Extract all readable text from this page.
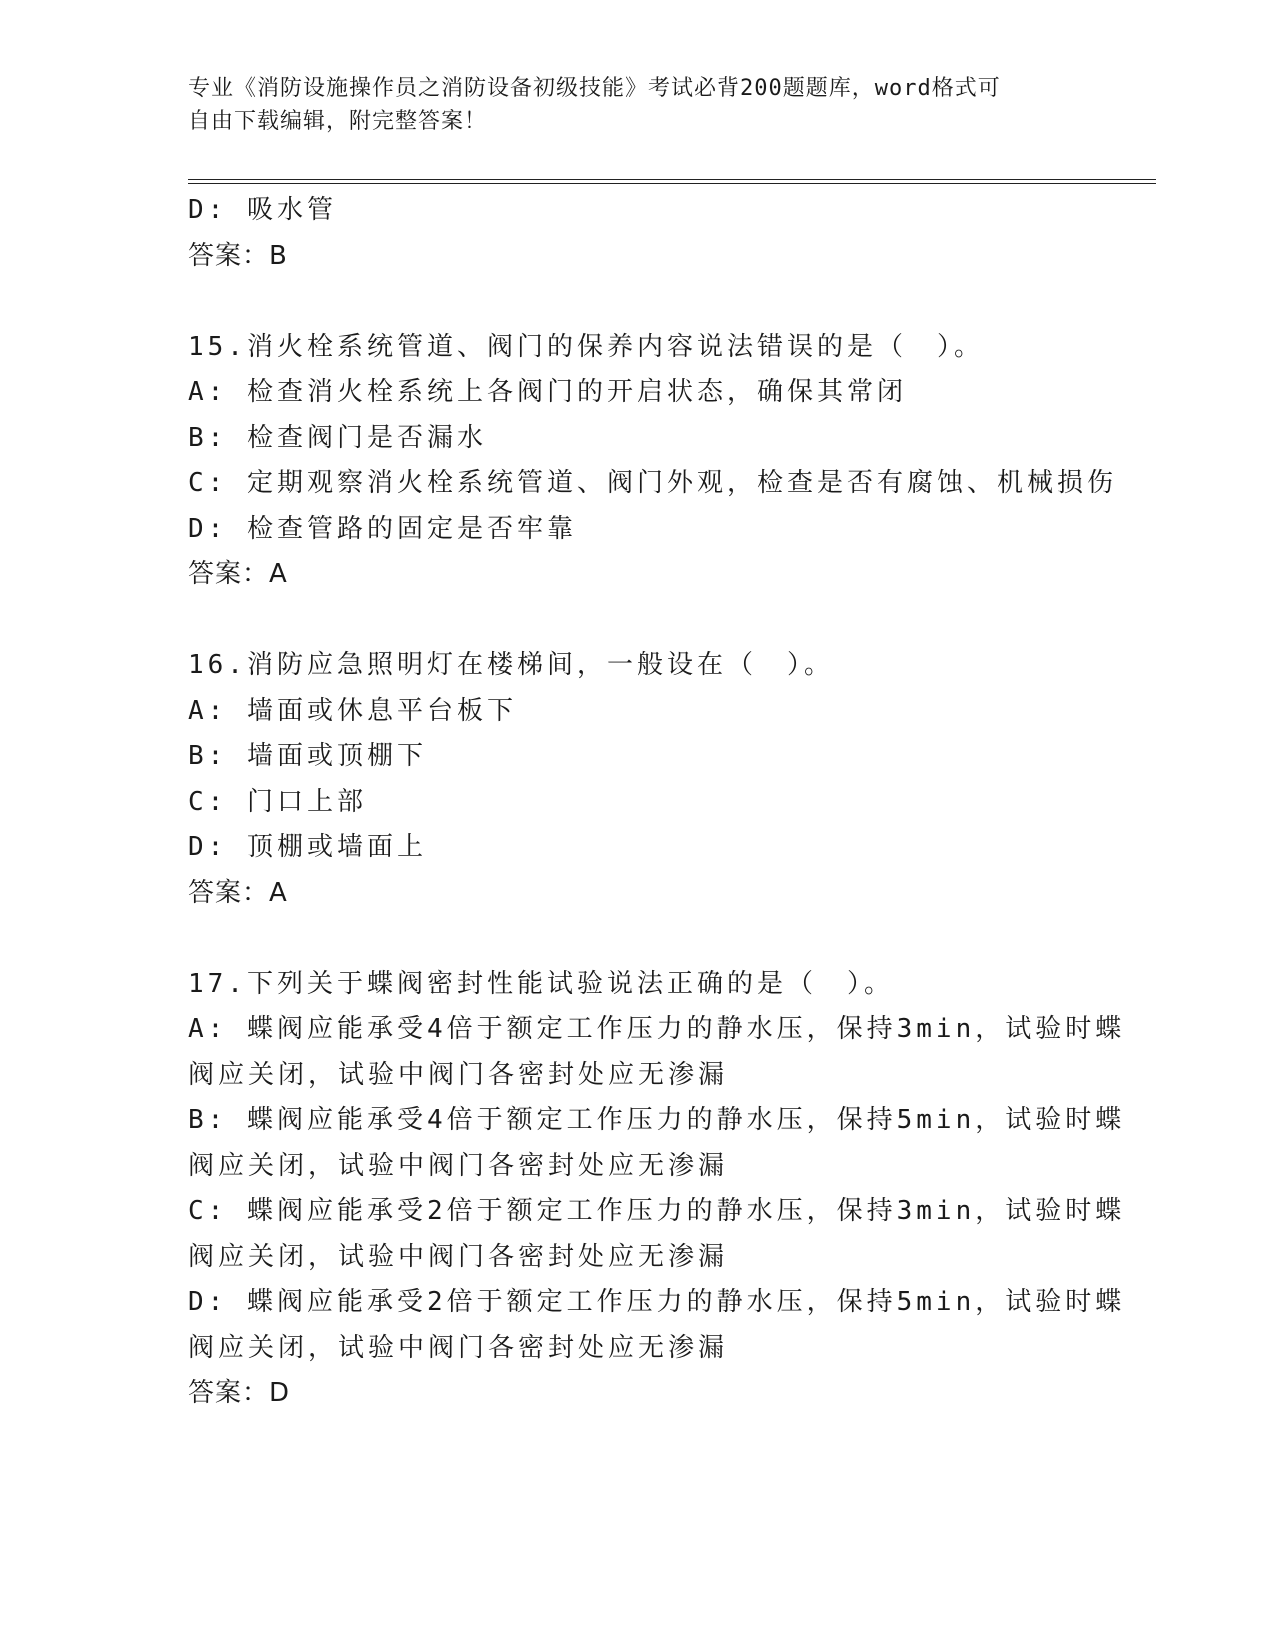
专业《消防设施操作员之消防设备初级技能》考试必背200题题库，word格式可
自由下载编辑，附完整答案！
D: 吸水管
答案：B
15.消火栓系统管道、阀门的保养内容说法错误的是（　）。
A: 检查消火栓系统上各阀门的开启状态，确保其常闭
B: 检查阀门是否漏水
C: 定期观察消火栓系统管道、阀门外观，检查是否有腐蚀、机械损伤
D: 检查管路的固定是否牢靠
答案：A
16.消防应急照明灯在楼梯间，一般设在（　）。
A: 墙面或休息平台板下
B: 墙面或顶棚下
C: 门口上部
D: 顶棚或墙面上
答案：A
17.下列关于蝶阀密封性能试验说法正确的是（　）。
A: 蝶阀应能承受4倍于额定工作压力的静水压，保持3min，试验时蝶
阀应关闭，试验中阀门各密封处应无渗漏
B: 蝶阀应能承受4倍于额定工作压力的静水压，保持5min，试验时蝶
阀应关闭，试验中阀门各密封处应无渗漏
C: 蝶阀应能承受2倍于额定工作压力的静水压，保持3min，试验时蝶
阀应关闭，试验中阀门各密封处应无渗漏
D: 蝶阀应能承受2倍于额定工作压力的静水压，保持5min，试验时蝶
阀应关闭，试验中阀门各密封处应无渗漏
答案：D
